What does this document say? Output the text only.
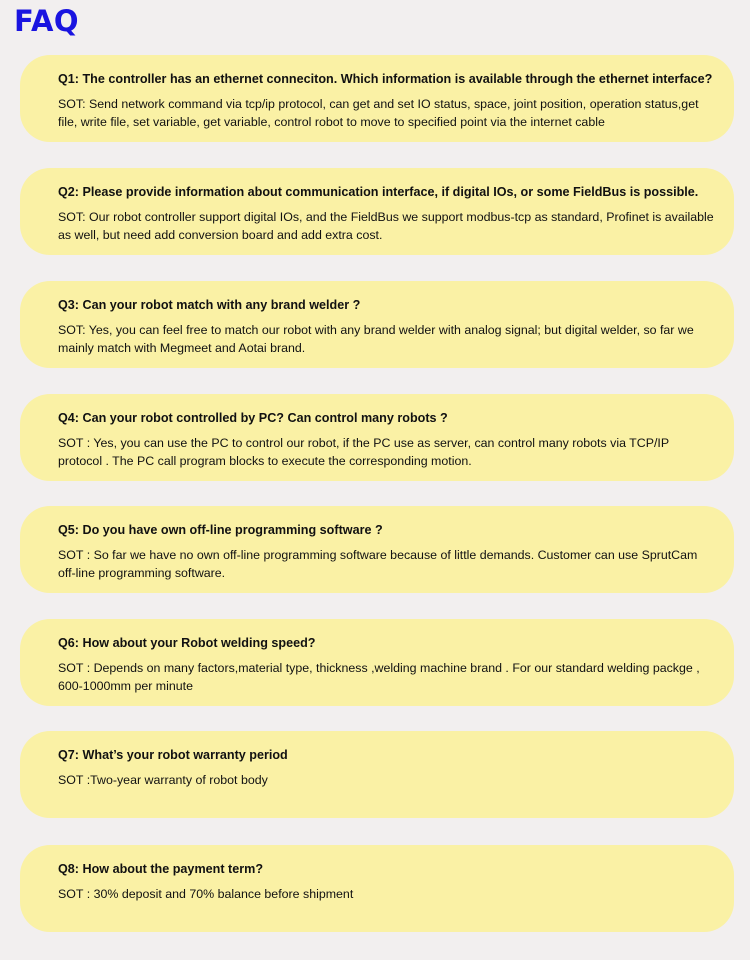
FAQ

Q1: The controller has an ethernet conneciton. Which information is available through the ethernet interface?

SOT: Send network command via tcp/ip protocol, can get and set IO status, space, joint position, operation status,get file, write file, set variable, get variable, control robot to move to specified point via the internet cable

Q2: Please provide information about communication interface, if digital IOs, or some FieldBus is possible.

SOT: Our robot controller support digital IOs, and the FieldBus we support modbus-tcp as standard, Profinet is available as well, but need add conversion board and add extra cost.

Q3: Can your robot match with any brand welder ?

SOT: Yes, you can feel free to match our robot with any brand welder with analog signal; but digital welder, so far we mainly match with Megmeet and Aotai brand.

Q4: Can your robot controlled by PC? Can control many robots ?

SOT : Yes, you can use the PC to control our robot, if the PC use as server, can control many robots via TCP/IP protocol . The PC call program blocks to execute the corresponding motion.

Q5: Do you have own off-line programming software ?

SOT : So far we have no own off-line programming software because of little demands. Customer can use SprutCam off-line programming software.

Q6: How about your Robot welding speed?

SOT : Depends on many factors,material type, thickness ,welding machine brand . For our standard welding packge , 600-1000mm per minute

Q7: What’s your robot warranty period

SOT :Two-year warranty of robot body

Q8: How about the payment term?

SOT : 30% deposit and 70% balance before shipment
